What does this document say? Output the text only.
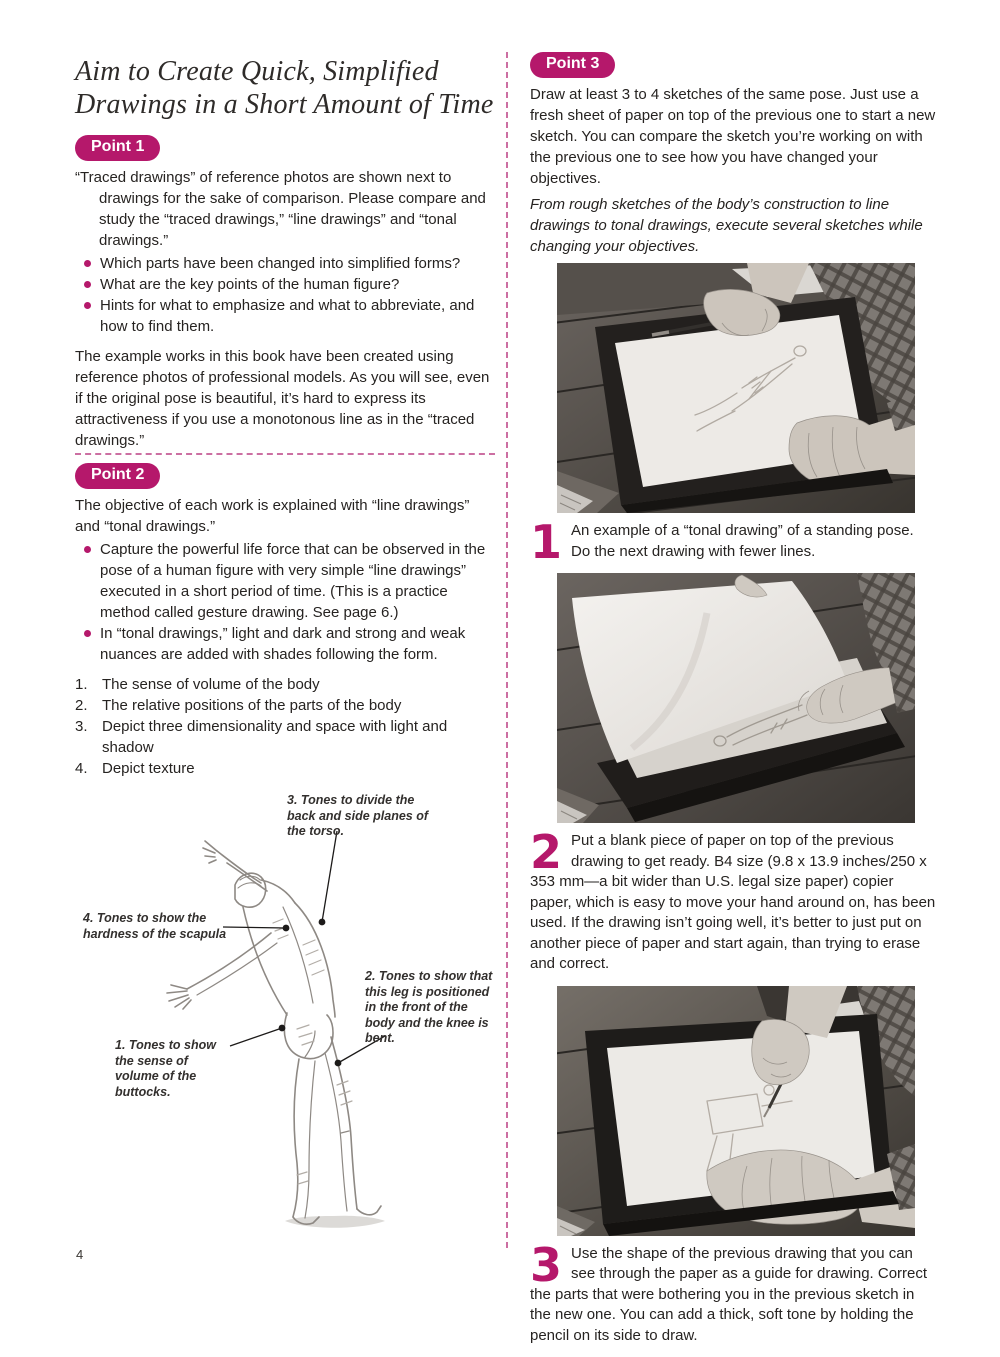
Aim to Create Quick, Simplified Drawings in a Short Amount of Time
Point 1

“Traced drawings” of reference photos are shown next to drawings for the sake of comparison. Please compare and study the “traced drawings,” “line drawings” and “tonal drawings.”

Which parts have been changed into simplified forms?
What are the key points of the human figure?
Hints for what to emphasize and what to abbreviate, and how to find them.

The example works in this book have been created using reference photos of professional models. As you will see, even if the original pose is beautiful, it’s hard to express its attractiveness if you use a monotonous line as in the “traced drawings.”

Point 2

The objective of each work is explained with “line drawings” and “tonal drawings.”

Capture the powerful life force that can be observed in the pose of a human figure with very simple “line drawings” executed in a short period of time. (This is a practice method called gesture drawing. See page 6.)
In “tonal drawings,” light and dark and strong and weak nuances are added with shades following the form.
1. The sense of volume of the body
2. The relative positions of the parts of the body
3. Depict three dimensionality and space with light and shadow
4. Depict texture
1. Tones to show the sense of volume of the buttocks.
2. Tones to show that this leg is positioned in the front of the body and the knee is bent.
3. Tones to divide the back and side planes of the torso.
4. Tones to show the hardness of the scapula
Point 3

Draw at least 3 to 4 sketches of the same pose. Just use a fresh sheet of paper on top of the previous one to start a new sketch. You can compare the sketch you’re working on with the previous one to see how you have changed your objectives.

From rough sketches of the body’s construction to line drawings to tonal drawings, execute several sketches while changing your objectives.

1 An example of a “tonal drawing” of a standing pose. Do the next drawing with fewer lines.
2 Put a blank piece of paper on top of the previous drawing to get ready. B4 size (9.8 x 13.9 inches/250 x 353 mm—a bit wider than U.S. legal size paper) copier paper, which is easy to move your hand around on, has been used. If the drawing isn’t going well, it’s better to just put on another piece of paper and start again, than trying to erase and correct.
3 Use the shape of the previous drawing that you can see through the paper as a guide for drawing. Correct the parts that were bothering you in the previous sketch in the new one. You can add a thick, soft tone by holding the pencil on its side to draw.
4
